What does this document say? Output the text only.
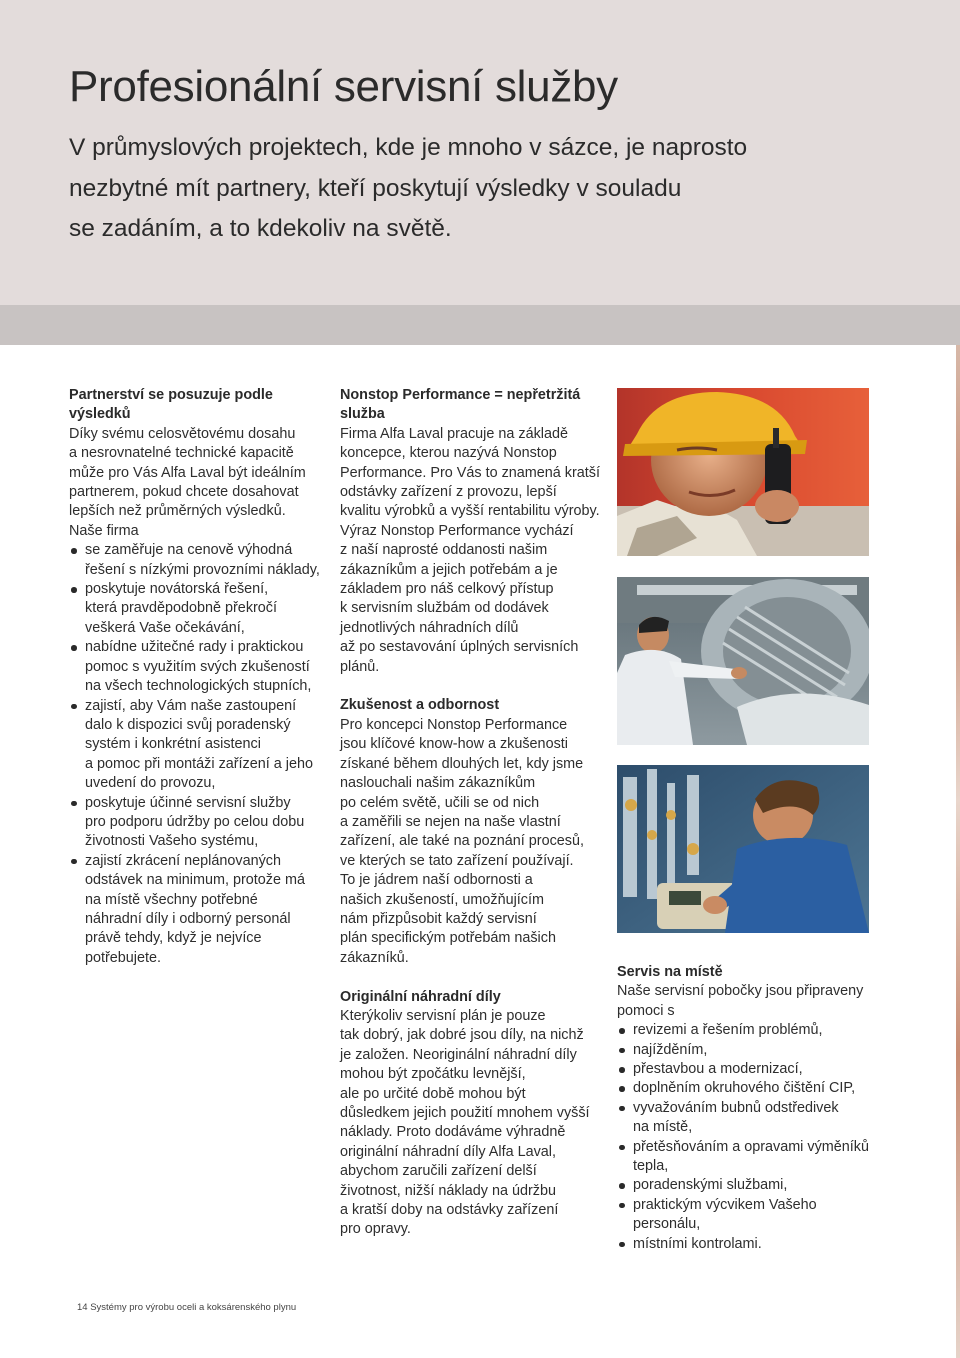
Profesionální servisní služby
V průmyslových projektech, kde je mnoho v sázce, je naprosto
nezbytné mít partnery, kteří poskytují výsledky v souladu
se zadáním, a to kdekoliv na světě.
Partnerství se posuzuje podle
výsledků

Díky svému celosvětovému dosahu
a nesrovnatelné technické kapacitě
může pro Vás Alfa Laval být ideálním
partnerem, pokud chcete dosahovat
lepších než průměrných výsledků.
Naše firma

se zaměřuje na cenově výhodná
řešení s nízkými provozními náklady,
poskytuje novátorská řešení,
která pravděpodobně překročí
veškerá Vaše očekávání,
nabídne užitečné rady i praktickou
pomoc s využitím svých zkušeností
na všech technologických stupních,
zajistí, aby Vám naše zastoupení
dalo k dispozici svůj poradenský
systém i konkrétní asistenci
a pomoc při montáži zařízení a jeho
uvedení do provozu,
poskytuje účinné servisní služby
pro podporu údržby po celou dobu
životnosti Vašeho systému,
zajistí zkrácení neplánovaných
odstávek na minimum, protože má
na místě všechny potřebné
náhradní díly i odborný personál
právě tehdy, když je nejvíce
potřebujete.
Nonstop Performance = nepřetržitá
služba

Firma Alfa Laval pracuje na základě
koncepce, kterou nazývá Nonstop
Performance. Pro Vás to znamená kratší
odstávky zařízení z provozu, lepší
kvalitu výrobků a vyšší rentabilitu výroby.
Výraz Nonstop Performance vychází
z naší naprosté oddanosti našim
zákazníkům a jejich potřebám a je
základem pro náš celkový přístup
k servisním službám od dodávek
jednotlivých náhradních dílů
až po sestavování úplných servisních
plánů.

Zkušenost a odbornost

Pro koncepci Nonstop Performance
jsou klíčové know-how a zkušenosti
získané během dlouhých let, kdy jsme
naslouchali našim zákazníkům
po celém světě, učili se od nich
a zaměřili se nejen na naše vlastní
zařízení, ale také na poznání procesů,
ve kterých se tato zařízení používají.
To je jádrem naší odbornosti a
našich zkušeností, umožňujícím
nám přizpůsobit každý servisní
plán specifickým potřebám našich
zákazníků.

Originální náhradní díly

Kterýkoliv servisní plán je pouze
tak dobrý, jak dobré jsou díly, na nichž
je založen. Neoriginální náhradní díly
mohou být zpočátku levnější,
ale po určité době mohou být
důsledkem jejich použití mnohem vyšší
náklady. Proto dodáváme výhradně
originální náhradní díly Alfa Laval,
abychom zaručili zařízení delší
životnost, nižší náklady na údržbu
a kratší doby na odstávky zařízení
pro opravy.

Servis na místě

Naše servisní pobočky jsou připraveny
pomoci s

revizemi a řešením problémů,
najížděním,
přestavbou a modernizací,
doplněním okruhového čištění CIP,
vyvažováním bubnů odstředivek
na místě,
přetěsňováním a opravami výměníků
tepla,
poradenskými službami,
praktickým výcvikem Vašeho
personálu,
místními kontrolami.
14 Systémy pro výrobu oceli a koksárenského plynu
